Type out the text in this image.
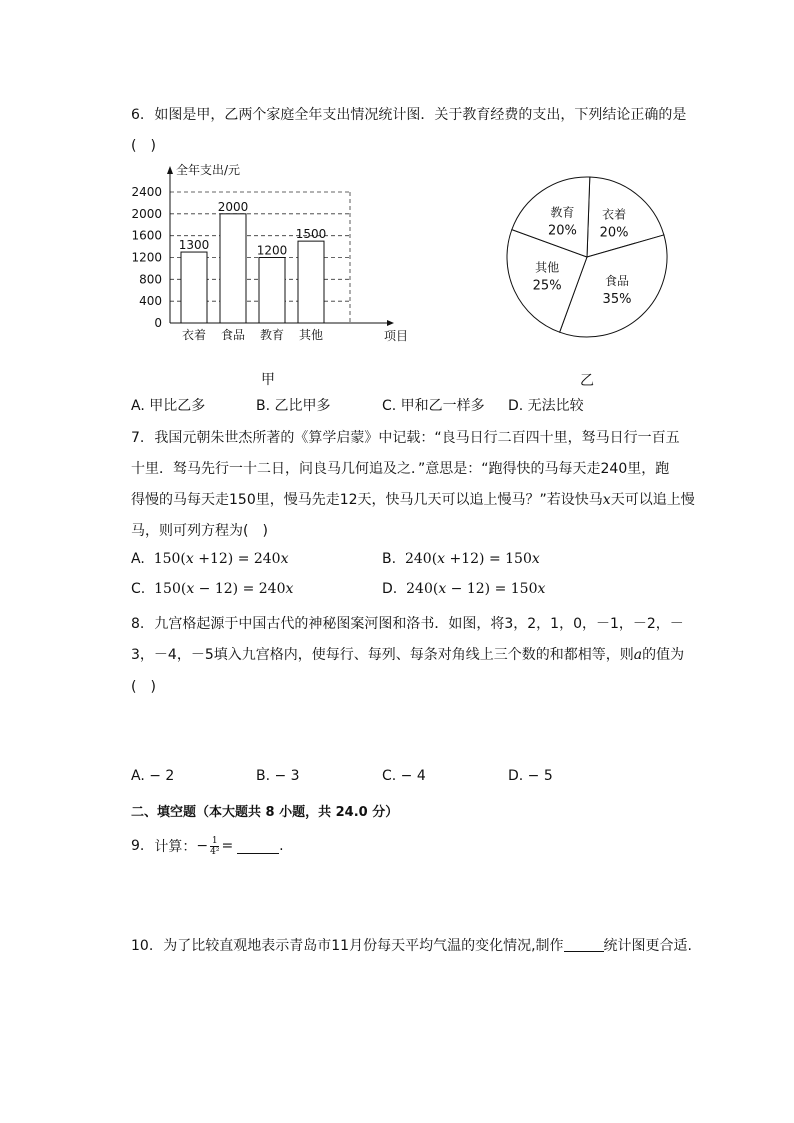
6. 如图是甲，乙两个家庭全年支出情况统计图．关于教育经费的支出，下列结论正确的是
(　)
2400
2000
1600
1200
800
400
0
全年支出/元
项目
1300
衣着
2000
食品
1200
教育
1500
其他
甲
衣着
20%
食品
35%
其他
25%
教育
20%
乙
A. 甲比乙多	B. 乙比甲多	C. 甲和乙一样多 D. 无法比较
7. 我国元朝朱世杰所著的《算学启蒙》中记载：“良马日行二百四十里，驽马日行一百五
十里．驽马先行一十二日，问良马几何追及之．”意思是：“跑得快的马每天走240里，跑
得慢的马每天走150里，慢马先走12天，快马几天可以追上慢马？”若设快马x天可以追上慢
马，则可列方程为(　)
A. 150(x +12) = 240x	B. 240(x +12) = 150x
C. 150(x − 12) = 240x	D. 240(x − 12) = 150x
8. 九宫格起源于中国古代的神秘图案河图和洛书．如图，将3，2，1，0，－1，－2，－
3，－4，－5填入九宫格内，使每行、每列、每条对角线上三个数的和都相等，则a的值为
(　)
A. − 2	B. − 3	C. − 4	D. − 5
二、填空题（本大题共 8 小题，共 24.0 分）
9. 计算： − $\frac{1}{\text{4²}}$ =	.
10. 为了比较直观地表示青岛市11月份每天平均气温的变化情况,制作	统计图更合适.
